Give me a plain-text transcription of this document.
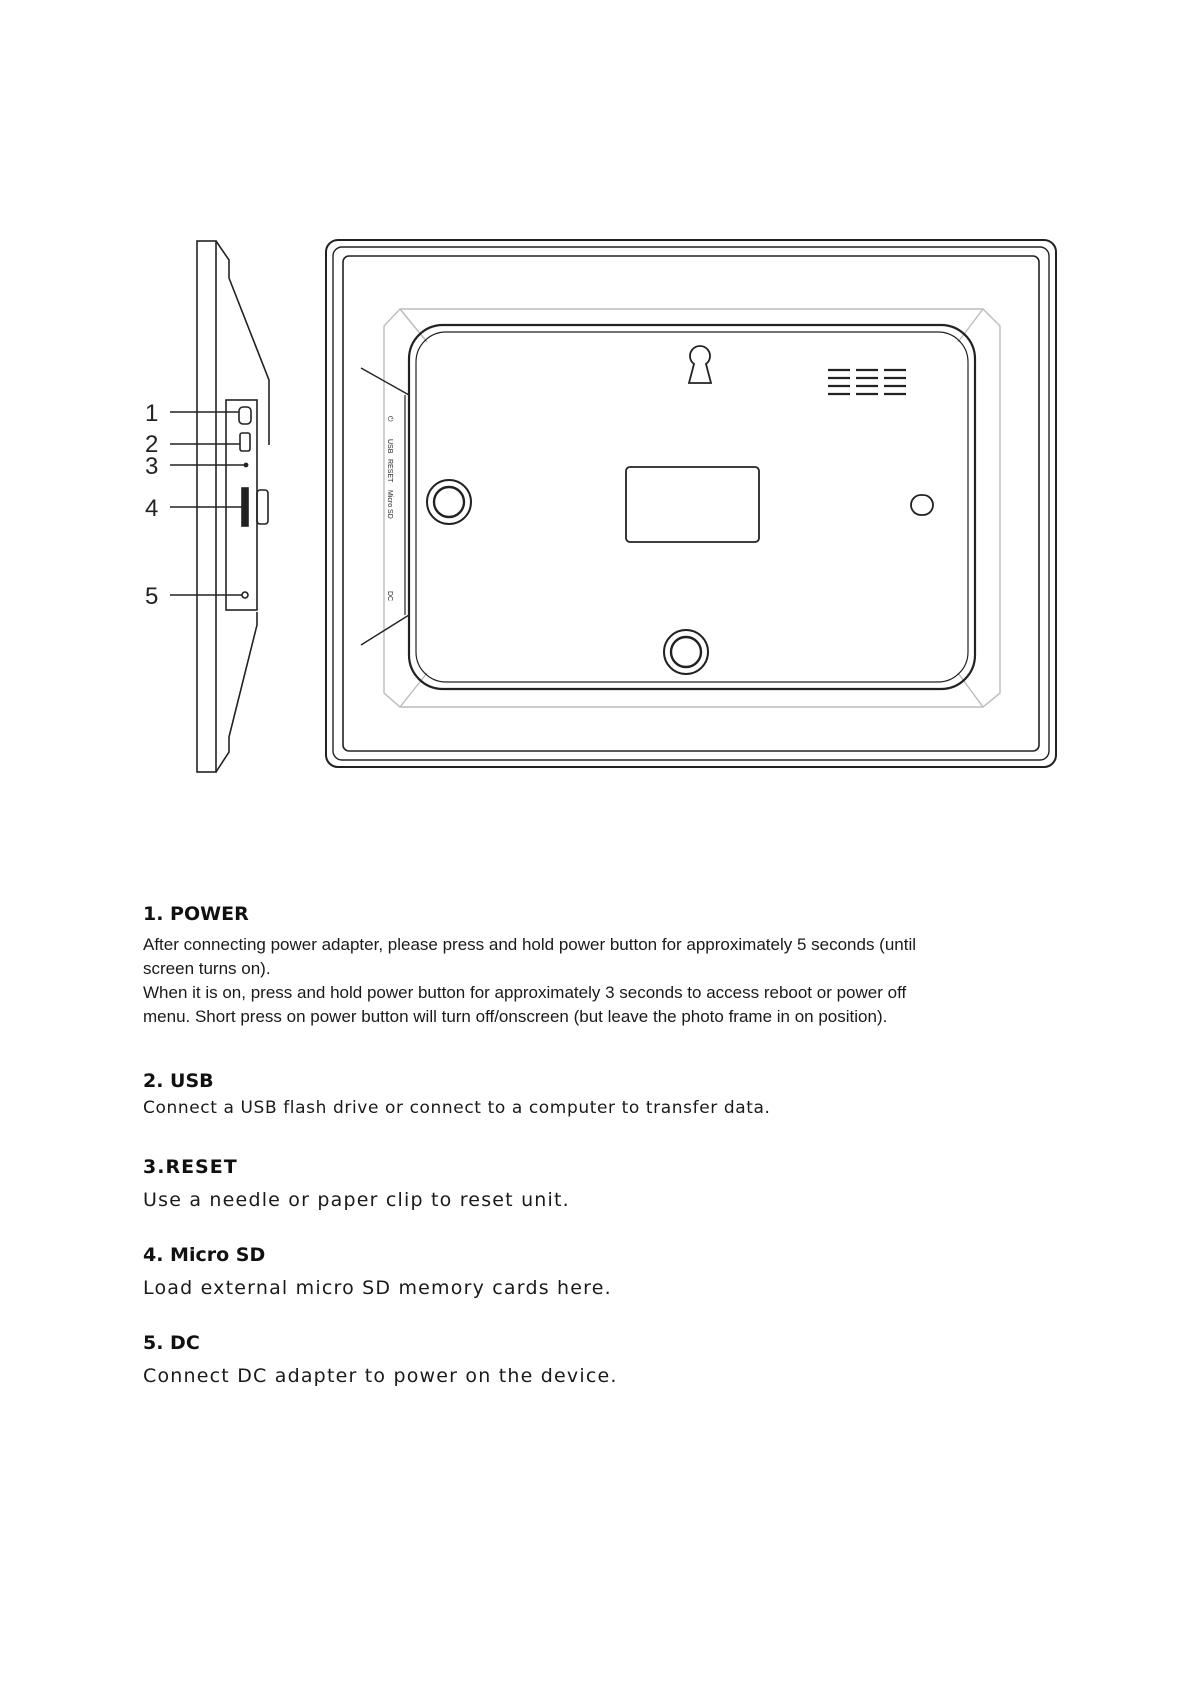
1
2
3
4
5
⏻
USB
RESET
Micro SD
DC
1. POWER

After connecting power adapter, please press and hold power button for approximately 5 seconds (until

screen turns on).

When it is on, press and hold power button for approximately 3 seconds to access reboot or power off

menu. Short press on power button will turn off/onscreen (but leave the photo frame in on position).

2. USB

Connect a USB flash drive or connect to a computer to transfer data.

3.RESET

Use a needle or paper clip to reset unit.

4. Micro SD

Load external micro SD memory cards here.

5. DC

Connect DC adapter to power on the device.
